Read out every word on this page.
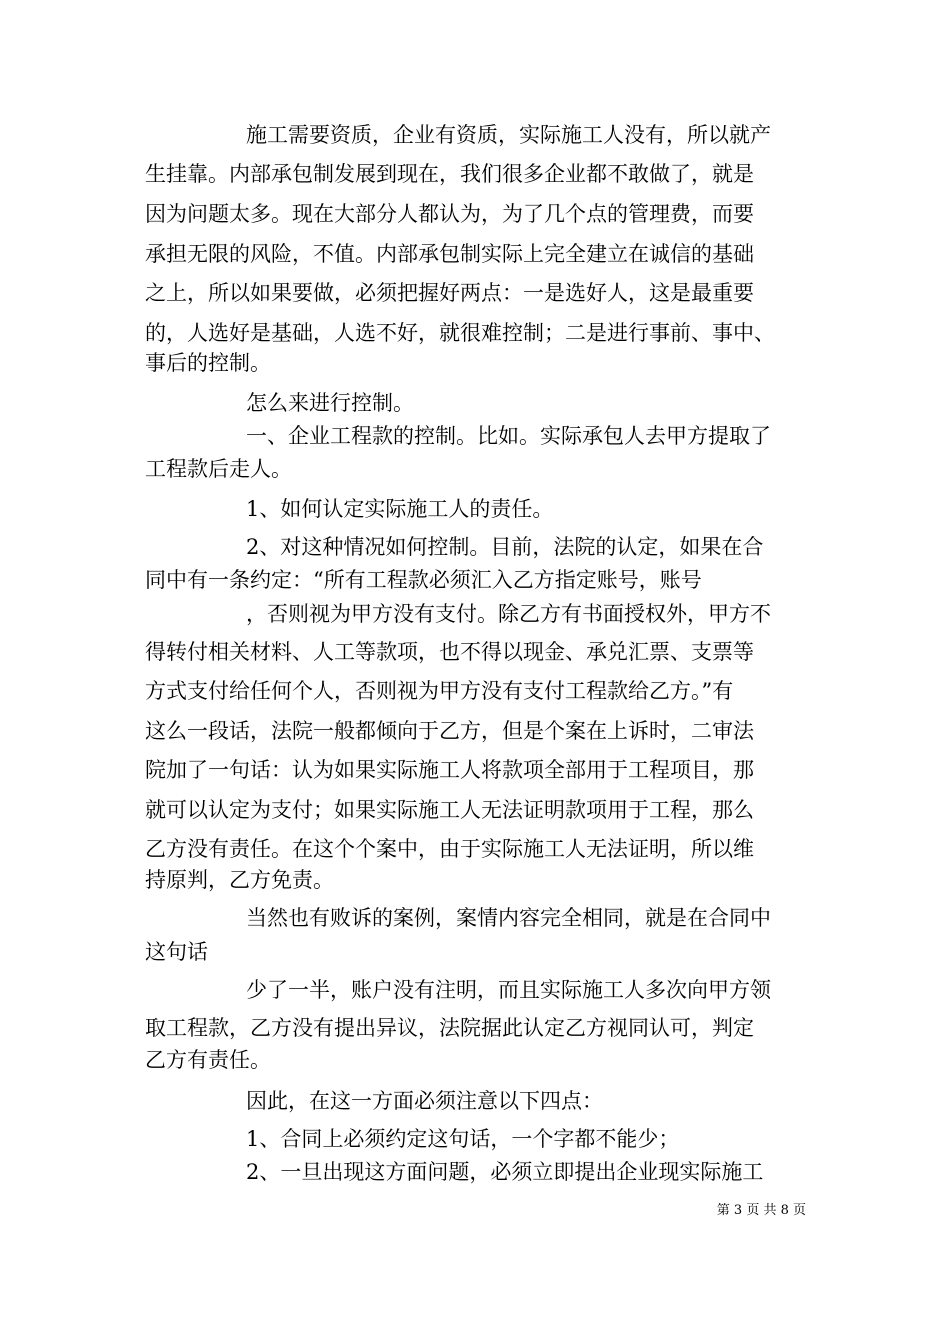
施工需要资质，企业有资质，实际施工人没有，所以就产
生挂靠。内部承包制发展到现在，我们很多企业都不敢做了，就是
因为问题太多。现在大部分人都认为，为了几个点的管理费，而要
承担无限的风险，不值。内部承包制实际上完全建立在诚信的基础
之上，所以如果要做，必须把握好两点：一是选好人，这是最重要
的，人选好是基础，人选不好，就很难控制；二是进行事前、事中、
事后的控制。
怎么来进行控制。
一、企业工程款的控制。比如。实际承包人去甲方提取了
工程款后走人。
1、如何认定实际施工人的责任。
2、对这种情况如何控制。目前，法院的认定，如果在合
同中有一条约定：“所有工程款必须汇入乙方指定账号，账号
，否则视为甲方没有支付。除乙方有书面授权外，甲方不
得转付相关材料、人工等款项，也不得以现金、承兑汇票、支票等
方式支付给任何个人，否则视为甲方没有支付工程款给乙方。”有
这么一段话，法院一般都倾向于乙方，但是个案在上诉时，二审法
院加了一句话：认为如果实际施工人将款项全部用于工程项目，那
就可以认定为支付；如果实际施工人无法证明款项用于工程，那么
乙方没有责任。在这个个案中，由于实际施工人无法证明，所以维
持原判，乙方免责。
当然也有败诉的案例，案情内容完全相同，就是在合同中
这句话
少了一半，账户没有注明，而且实际施工人多次向甲方领
取工程款，乙方没有提出异议，法院据此认定乙方视同认可，判定
乙方有责任。
因此，在这一方面必须注意以下四点：
1、合同上必须约定这句话，一个字都不能少；
2、一旦出现这方面问题，必须立即提出企业现实际施工
第 3 页 共 8 页
